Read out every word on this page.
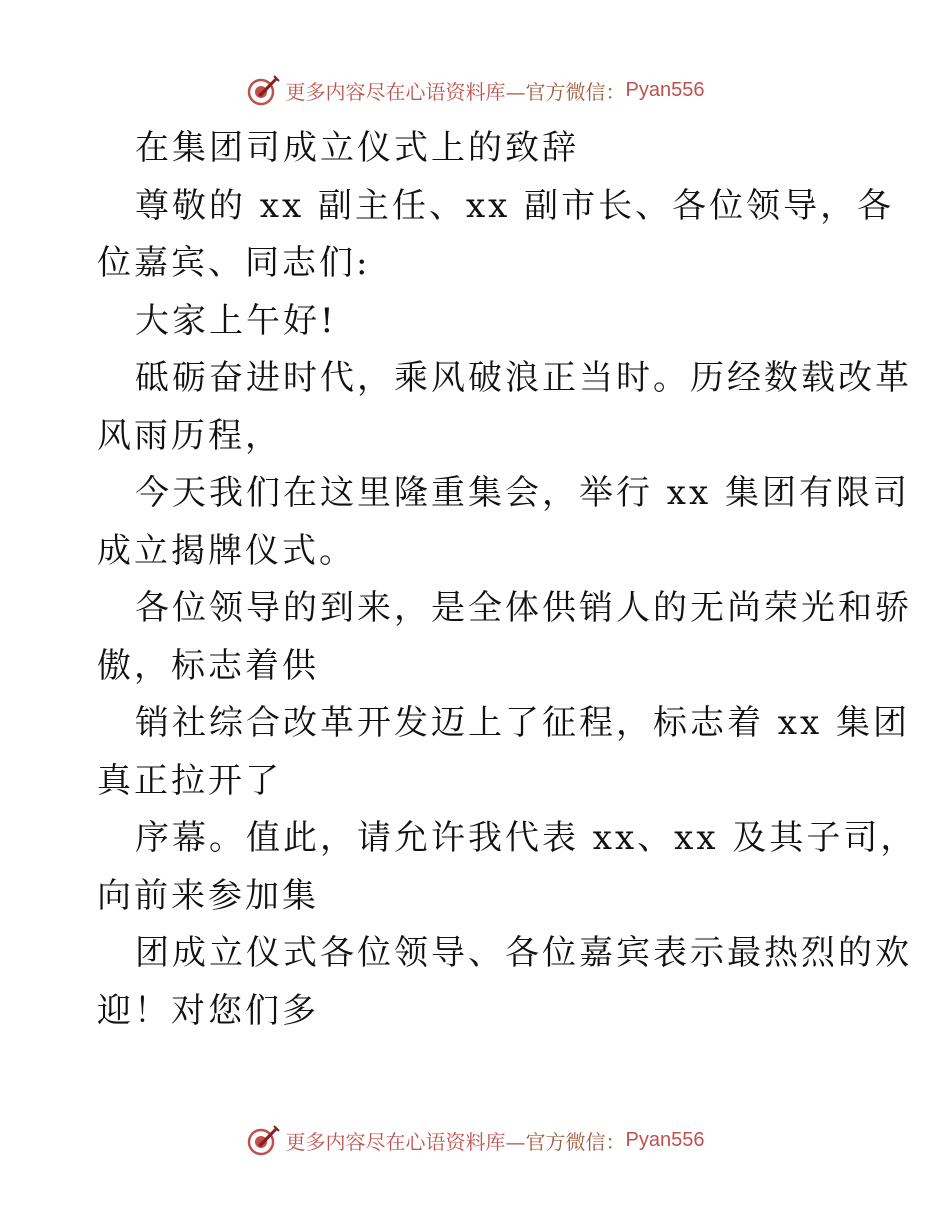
更多内容尽在心语资料库 —官方微信： Pyan556
在集团司成立仪式上的致辞
尊敬的 xx 副主任、xx 副市长、各位领导，各
位嘉宾、同志们:
大家上午好!
砥砺奋进时代，乘风破浪正当时。历经数载改革
风雨历程，
今天我们在这里隆重集会，举行 xx 集团有限司
成立揭牌仪式。
各位领导的到来，是全体供销人的无尚荣光和骄
傲，标志着供
销社综合改革开发迈上了征程，标志着 xx 集团
真正拉开了
序幕。值此，请允许我代表 xx、xx 及其子司，
向前来参加集
团成立仪式各位领导、各位嘉宾表示最热烈的欢
迎！对您们多
更多内容尽在心语资料库 —官方微信： Pyan556
